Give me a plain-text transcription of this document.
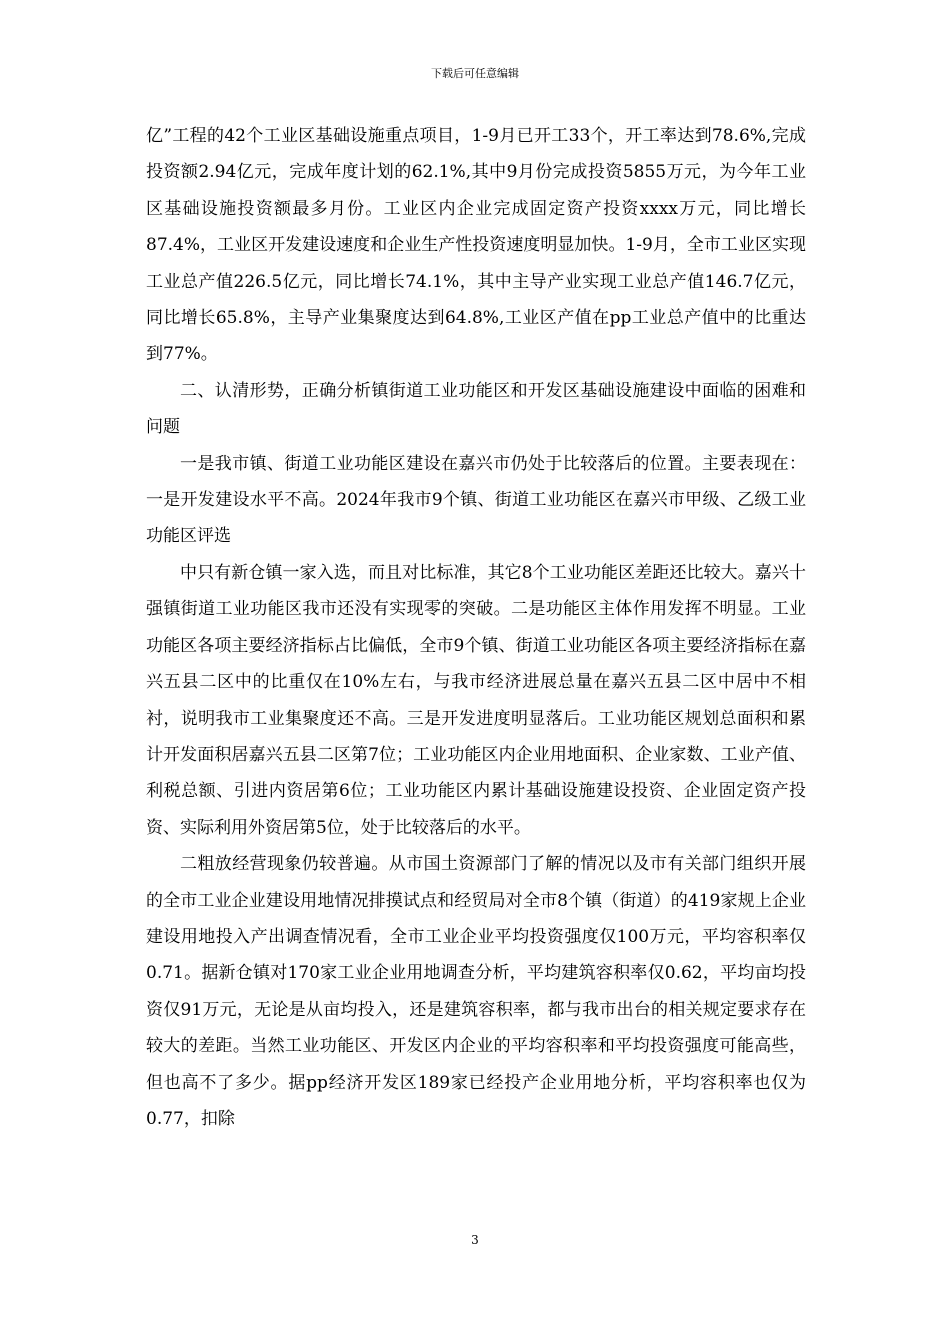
下载后可任意编辑

亿”工程的42个工业区基础设施重点项目，1-9月已开工33个，开工率达到78.6%,完成投资额2.94亿元，完成年度计划的62.1%,其中9月份完成投资5855万元，为今年工业区基础设施投资额最多月份。工业区内企业完成固定资产投资xxxx万元，同比增长87.4%，工业区开发建设速度和企业生产性投资速度明显加快。1-9月，全市工业区实现工业总产值226.5亿元，同比增长74.1%，其中主导产业实现工业总产值146.7亿元，同比增长65.8%，主导产业集聚度达到64.8%,工业区产值在pp工业总产值中的比重达到77%。

二、认清形势，正确分析镇街道工业功能区和开发区基础设施建设中面临的困难和问题

一是我市镇、街道工业功能区建设在嘉兴市仍处于比较落后的位置。主要表现在：一是开发建设水平不高。2024年我市9个镇、街道工业功能区在嘉兴市甲级、乙级工业功能区评选

中只有新仓镇一家入选，而且对比标准，其它8个工业功能区差距还比较大。嘉兴十强镇街道工业功能区我市还没有实现零的突破。二是功能区主体作用发挥不明显。工业功能区各项主要经济指标占比偏低，全市9个镇、街道工业功能区各项主要经济指标在嘉兴五县二区中的比重仅在10%左右，与我市经济进展总量在嘉兴五县二区中居中不相衬，说明我市工业集聚度还不高。三是开发进度明显落后。工业功能区规划总面积和累计开发面积居嘉兴五县二区第7位；工业功能区内企业用地面积、企业家数、工业产值、利税总额、引进内资居第6位；工业功能区内累计基础设施建设投资、企业固定资产投资、实际利用外资居第5位，处于比较落后的水平。

二粗放经营现象仍较普遍。从市国土资源部门了解的情况以及市有关部门组织开展的全市工业企业建设用地情况排摸试点和经贸局对全市8个镇（街道）的419家规上企业建设用地投入产出调查情况看，全市工业企业平均投资强度仅100万元，平均容积率仅0.71。据新仓镇对170家工业企业用地调查分析，平均建筑容积率仅0.62，平均亩均投资仅91万元，无论是从亩均投入，还是建筑容积率，都与我市出台的相关规定要求存在较大的差距。当然工业功能区、开发区内企业的平均容积率和平均投资强度可能高些，但也高不了多少。据pp经济开发区189家已经投产企业用地分析，平均容积率也仅为0.77，扣除

3
